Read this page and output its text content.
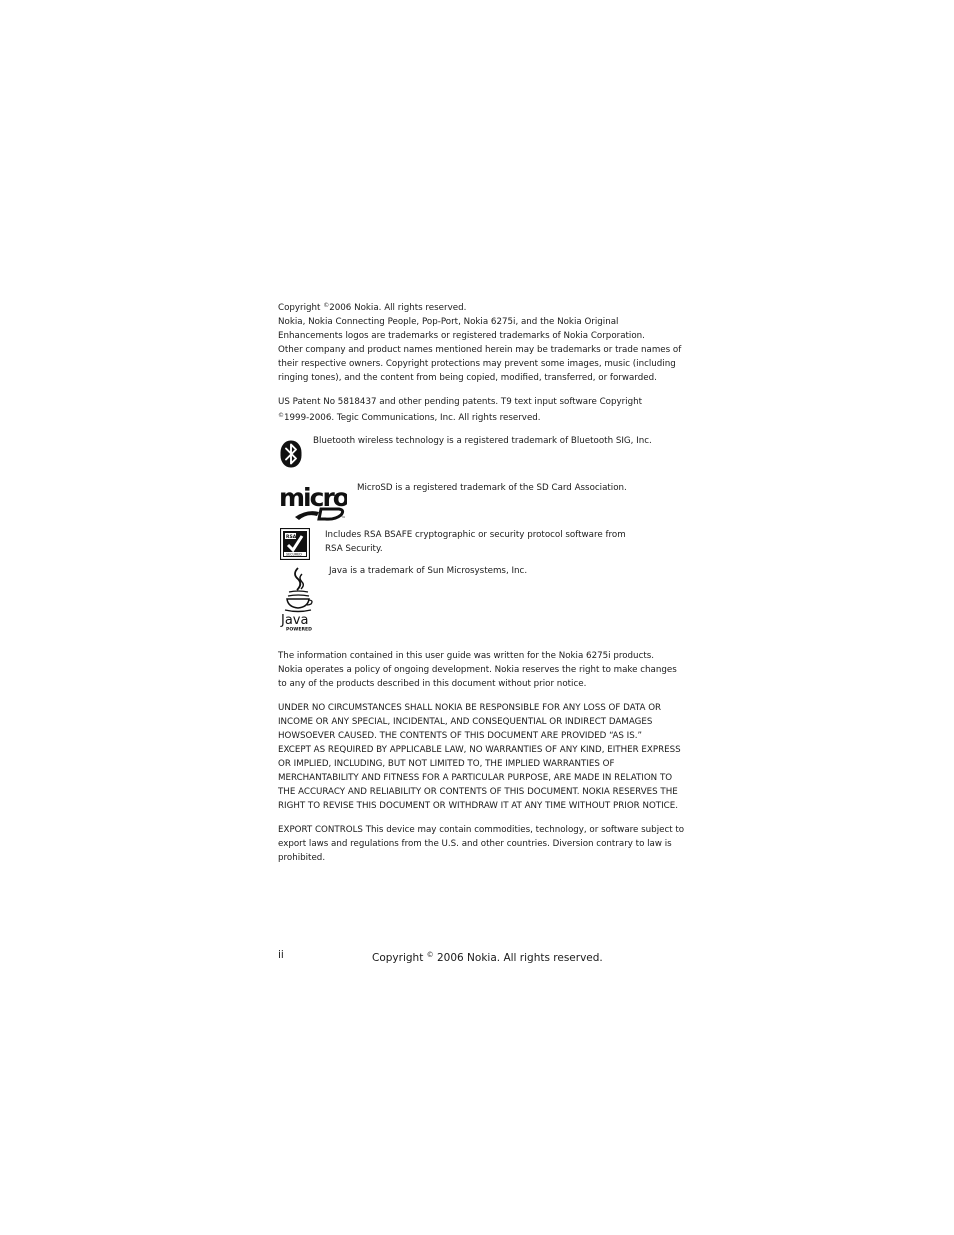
Copyright ©2006 Nokia. All rights reserved.
Nokia, Nokia Connecting People, Pop-Port, Nokia 6275i, and the Nokia Original
Enhancements logos are trademarks or registered trademarks of Nokia Corporation.
Other company and product names mentioned herein may be trademarks or trade names of
their respective owners. Copyright protections may prevent some images, music (including
ringing tones), and the content from being copied, modified, transferred, or forwarded.
US Patent No 5818437 and other pending patents. T9 text input software Copyright
©1999-2006. Tegic Communications, Inc. All rights reserved.
Bluetooth wireless technology is a registered trademark of Bluetooth SIG, Inc.
micro
™
MicroSD is a registered trademark of the SD Card Association.
RSA
SECURED
Includes RSA BSAFE cryptographic or security protocol software from
RSA Security.
Java
POWERED
Java is a trademark of Sun Microsystems, Inc.
The information contained in this user guide was written for the Nokia 6275i products.
Nokia operates a policy of ongoing development. Nokia reserves the right to make changes
to any of the products described in this document without prior notice.
UNDER NO CIRCUMSTANCES SHALL NOKIA BE RESPONSIBLE FOR ANY LOSS OF DATA OR
INCOME OR ANY SPECIAL, INCIDENTAL, AND CONSEQUENTIAL OR INDIRECT DAMAGES
HOWSOEVER CAUSED. THE CONTENTS OF THIS DOCUMENT ARE PROVIDED “AS IS.”
EXCEPT AS REQUIRED BY APPLICABLE LAW, NO WARRANTIES OF ANY KIND, EITHER EXPRESS
OR IMPLIED, INCLUDING, BUT NOT LIMITED TO, THE IMPLIED WARRANTIES OF
MERCHANTABILITY AND FITNESS FOR A PARTICULAR PURPOSE, ARE MADE IN RELATION TO
THE ACCURACY AND RELIABILITY OR CONTENTS OF THIS DOCUMENT. NOKIA RESERVES THE
RIGHT TO REVISE THIS DOCUMENT OR WITHDRAW IT AT ANY TIME WITHOUT PRIOR NOTICE.
EXPORT CONTROLS This device may contain commodities, technology, or software subject to
export laws and regulations from the U.S. and other countries. Diversion contrary to law is
prohibited.
ii	Copyright © 2006 Nokia. All rights reserved.
